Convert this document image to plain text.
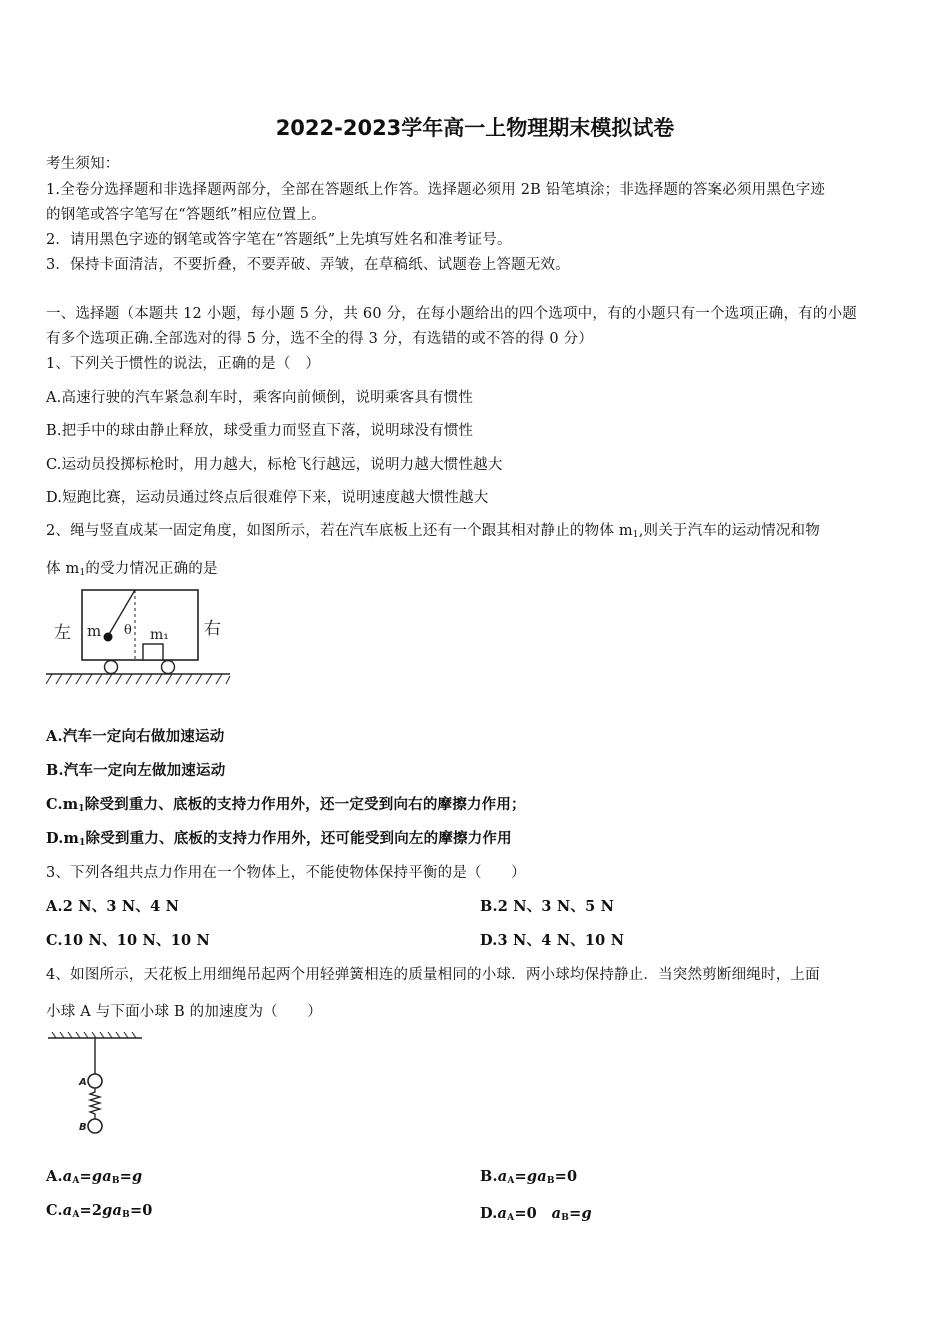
2022-2023学年高一上物理期末模拟试卷
考生须知：
1.全卷分选择题和非选择题两部分，全部在答题纸上作答。选择题必须用 2B 铅笔填涂；非选择题的答案必须用黑色字迹
的钢笔或答字笔写在“答题纸”相应位置上。
2．请用黑色字迹的钢笔或答字笔在“答题纸”上先填写姓名和准考证号。
3．保持卡面清洁，不要折叠，不要弄破、弄皱，在草稿纸、试题卷上答题无效。
一、选择题（本题共 12 小题，每小题 5 分，共 60 分，在每小题给出的四个选项中，有的小题只有一个选项正确，有的小题
有多个选项正确.全部选对的得 5 分，选不全的得 3 分，有选错的或不答的得 0 分）
1、下列关于惯性的说法，正确的是（　）
A.高速行驶的汽车紧急刹车时，乘客向前倾倒，说明乘客具有惯性
B.把手中的球由静止释放，球受重力而竖直下落，说明球没有惯性
C.运动员投掷标枪时，用力越大，标枪飞行越远，说明力越大惯性越大
D.短跑比赛，运动员通过终点后很难停下来，说明速度越大惯性越大
2、绳与竖直成某一固定角度，如图所示，若在汽车底板上还有一个跟其相对静止的物体 $m_1$,则关于汽车的运动情况和物
体 $m_1$的受力情况正确的是
m θ m₁
左	右
A.汽车一定向右做加速运动
B.汽车一定向左做加速运动
$C.m_1$除受到重力、底板的支持力作用外，还一定受到向右的摩擦力作用；
$D.m_1$除受到重力、底板的支持力作用外，还可能受到向左的摩擦力作用
3、下列各组共点力作用在一个物体上，不能使物体保持平衡的是（　　）
A.2 N、3 N、4 N	B.2 N、3 N、5 N
C.10 N、10 N、10 N	D.3 N、4 N、10 N
4、如图所示，天花板上用细绳吊起两个用轻弹簧相连的质量相同的小球．两小球均保持静止．当突然剪断细绳时，上面
小球 A 与下面小球 B 的加速度为（　　）
A
B
$A.a_A=ga_B=g$	$B.a_A=ga_B=0$
$C.a_A=2ga_B=0$	$D.a_A=0$　$a_B=g$
